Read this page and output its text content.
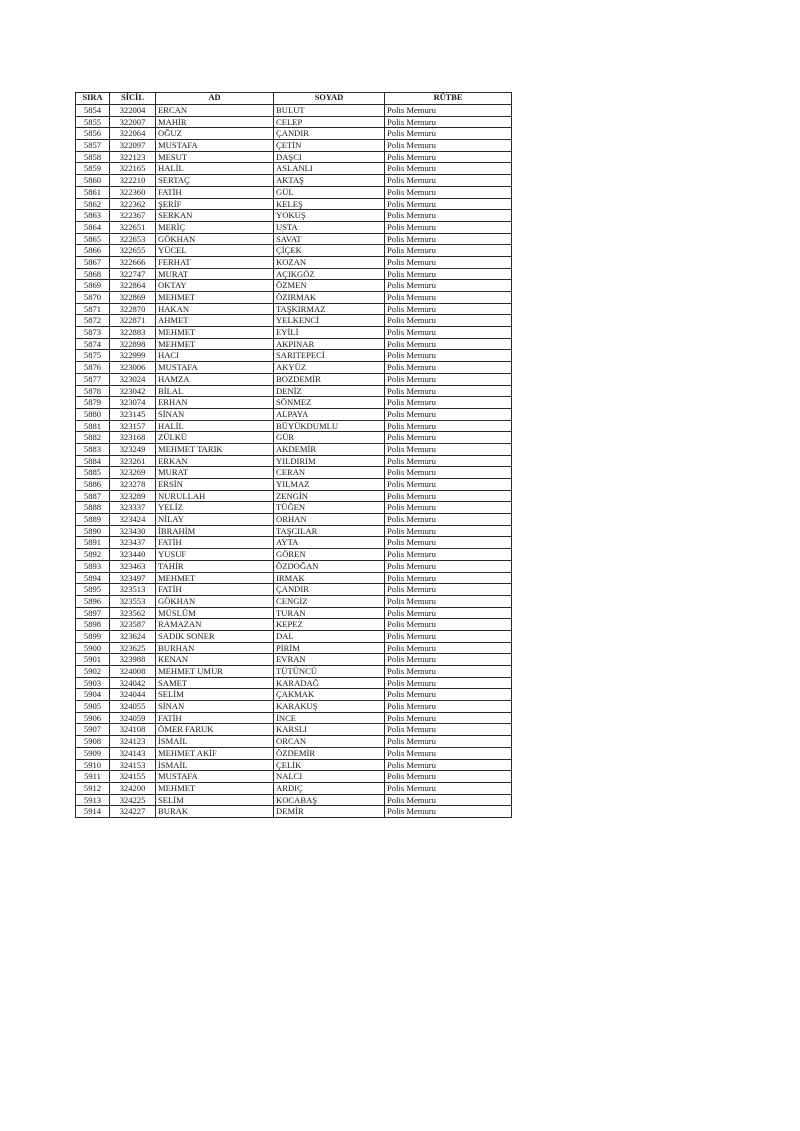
SIRA	SİCİL	AD	SOYAD	RÜTBE
5854	322004	ERCAN	BULUT	Polis Memuru
5855	322007	MAHİR	CELEP	Polis Memuru
5856	322064	OĞUZ	ÇANDIR	Polis Memuru
5857	322097	MUSTAFA	ÇETİN	Polis Memuru
5858	322123	MESUT	DAŞCI	Polis Memuru
5859	322165	HALİL	ASLANLI	Polis Memuru
5860	322210	SERTAÇ	AKTAŞ	Polis Memuru
5861	322360	FATİH	GÜL	Polis Memuru
5862	322362	ŞERİF	KELEŞ	Polis Memuru
5863	322367	SERKAN	YOKUŞ	Polis Memuru
5864	322651	MERİÇ	USTA	Polis Memuru
5865	322653	GÖKHAN	SAVAT	Polis Memuru
5866	322655	YÜCEL	ÇİÇEK	Polis Memuru
5867	322666	FERHAT	KOZAN	Polis Memuru
5868	322747	MURAT	AÇIKGÖZ	Polis Memuru
5869	322864	OKTAY	ÖZMEN	Polis Memuru
5870	322869	MEHMET	ÖZIRMAK	Polis Memuru
5871	322870	HAKAN	TAŞKIRMAZ	Polis Memuru
5872	322871	AHMET	YELKENCİ	Polis Memuru
5873	322883	MEHMET	EYİLİ	Polis Memuru
5874	322898	MEHMET	AKPINAR	Polis Memuru
5875	322999	HACI	SARITEPECİ	Polis Memuru
5876	323006	MUSTAFA	AKYÜZ	Polis Memuru
5877	323024	HAMZA	BOZDEMİR	Polis Memuru
5878	323042	BİLAL	DENİZ	Polis Memuru
5879	323074	ERHAN	SÖNMEZ	Polis Memuru
5880	323145	SİNAN	ALPAYA	Polis Memuru
5881	323157	HALİL	BÜYÜKDUMLU	Polis Memuru
5882	323168	ZÜLKÜ	GÜR	Polis Memuru
5883	323249	MEHMET TARIK	AKDEMİR	Polis Memuru
5884	323261	ERKAN	YILDIRIM	Polis Memuru
5885	323269	MURAT	CERAN	Polis Memuru
5886	323278	ERSİN	YILMAZ	Polis Memuru
5887	323289	NURULLAH	ZENGİN	Polis Memuru
5888	323337	YELİZ	TÜĞEN	Polis Memuru
5889	323424	NİLAY	ORHAN	Polis Memuru
5890	323430	İBRAHİM	TAŞCILAR	Polis Memuru
5891	323437	FATİH	AYTA	Polis Memuru
5892	323440	YUSUF	GÖREN	Polis Memuru
5893	323463	TAHİR	ÖZDOĞAN	Polis Memuru
5894	323497	MEHMET	IRMAK	Polis Memuru
5895	323513	FATİH	ÇANDIR	Polis Memuru
5896	323553	GÖKHAN	CENGİZ	Polis Memuru
5897	323562	MÜSLÜM	TURAN	Polis Memuru
5898	323587	RAMAZAN	KEPEZ	Polis Memuru
5899	323624	SADIK SONER	DAL	Polis Memuru
5900	323625	BURHAN	PİRİM	Polis Memuru
5901	323988	KENAN	EVRAN	Polis Memuru
5902	324008	MEHMET UMUR	TÜTÜNCÜ	Polis Memuru
5903	324042	SAMET	KARADAĞ	Polis Memuru
5904	324044	SELİM	ÇAKMAK	Polis Memuru
5905	324055	SİNAN	KARAKUŞ	Polis Memuru
5906	324059	FATİH	İNCE	Polis Memuru
5907	324108	ÖMER FARUK	KARSLI	Polis Memuru
5908	324123	İSMAİL	ORCAN	Polis Memuru
5909	324143	MEHMET AKİF	ÖZDEMİR	Polis Memuru
5910	324153	İSMAİL	ÇELİK	Polis Memuru
5911	324155	MUSTAFA	NALCI	Polis Memuru
5912	324200	MEHMET	ARDIÇ	Polis Memuru
5913	324225	SELİM	KOCABAŞ	Polis Memuru
5914	324227	BURAK	DEMİR	Polis Memuru
